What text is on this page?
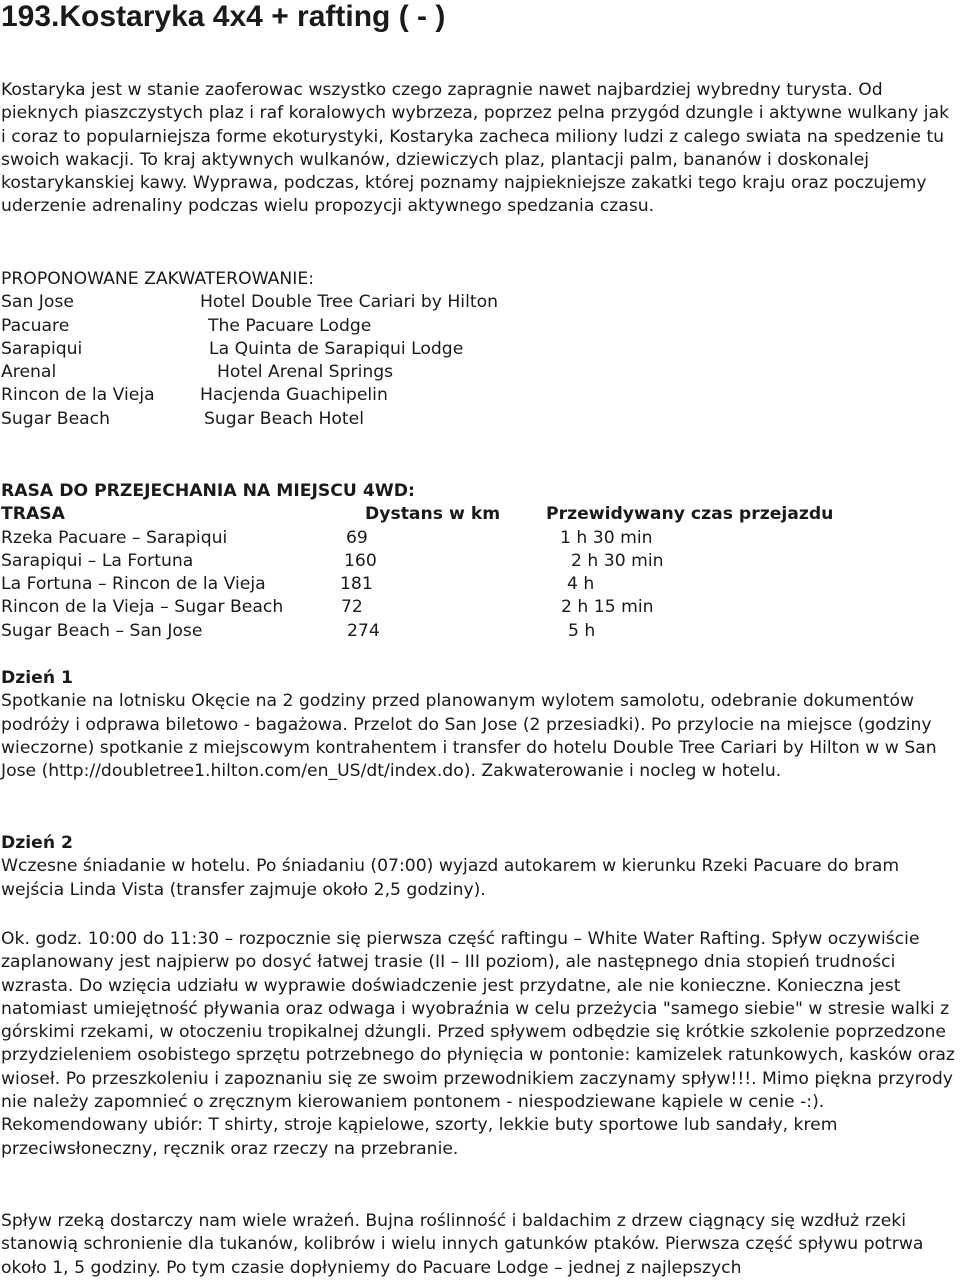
193.Kostaryka 4x4 + rafting ( - )

Kostaryka jest w stanie zaoferowac wszystko czego zapragnie nawet najbardziej wybredny turysta. Od pieknych piaszczystych plaz i raf koralowych wybrzeza, poprzez pelna przygód dzungle i aktywne wulkany jak i coraz to popularniejsza forme ekoturystyki, Kostaryka zacheca miliony ludzi z calego swiata na spedzenie tu swoich wakacji. To kraj aktywnych wulkanów, dziewiczych plaz, plantacji palm, bananów i doskonalej kostarykanskiej kawy. Wyprawa, podczas, której poznamy najpiekniejsze zakatki tego kraju oraz poczujemy uderzenie adrenaliny podczas wielu propozycji aktywnego spedzania czasu.

PROPONOWANE ZAKWATEROWANIE:
San Jose	Hotel Double Tree Cariari by Hilton
Pacuare	The Pacuare Lodge
Sarapiqui	La Quinta de Sarapiqui Lodge
Arenal	Hotel Arenal Springs
Rincon de la Vieja	Hacjenda Guachipelin
Sugar Beach	Sugar Beach Hotel
RASA DO PRZEJECHANIA NA MIEJSCU 4WD:
TRASA	Dystans w km	Przewidywany czas przejazdu
Rzeka Pacuare – Sarapiqui	69	1 h 30 min
Sarapiqui – La Fortuna	160	2 h 30 min
La Fortuna – Rincon de la Vieja	181	4 h
Rincon de la Vieja – Sugar Beach	72	2 h 15 min
Sugar Beach – San Jose	274	5 h

Dzień 1

Spotkanie na lotnisku Okęcie na 2 godziny przed planowanym wylotem samolotu, odebranie dokumentów podróży i odprawa biletowo - bagażowa. Przelot do San Jose (2 przesiadki). Po przylocie na miejsce (godziny wieczorne) spotkanie z miejscowym kontrahentem i transfer do hotelu Double Tree Cariari by Hilton w w San Jose (http://doubletree1.hilton.com/en_US/dt/index.do). Zakwaterowanie i nocleg w hotelu.

Dzień 2

Wczesne śniadanie w hotelu. Po śniadaniu (07:00) wyjazd autokarem w kierunku Rzeki Pacuare do bram wejścia Linda Vista (transfer zajmuje około 2,5 godziny).

Ok. godz. 10:00 do 11:30 – rozpocznie się pierwsza część raftingu – White Water Rafting. Spływ oczywiście zaplanowany jest najpierw po dosyć łatwej trasie (II – III poziom), ale następnego dnia stopień trudności wzrasta. Do wzięcia udziału w wyprawie doświadczenie jest przydatne, ale nie konieczne. Konieczna jest natomiast umiejętność pływania oraz odwaga i wyobraźnia w celu przeżycia "samego siebie" w stresie walki z górskimi rzekami, w otoczeniu tropikalnej dżungli. Przed spływem odbędzie się krótkie szkolenie poprzedzone przydzieleniem osobistego sprzętu potrzebnego do płynięcia w pontonie: kamizelek ratunkowych, kasków oraz wioseł. Po przeszkoleniu i zapoznaniu się ze swoim przewodnikiem zaczynamy spływ!!!. Mimo piękna przyrody nie należy zapomnieć o zręcznym kierowaniem pontonem - niespodziewane kąpiele w cenie -:). Rekomendowany ubiór: T shirty, stroje kąpielowe, szorty, lekkie buty sportowe lub sandały, krem przeciwsłoneczny, ręcznik oraz rzeczy na przebranie.

Spływ rzeką dostarczy nam wiele wrażeń. Bujna roślinność i baldachim z drzew ciągnący się wzdłuż rzeki stanowią schronienie dla tukanów, kolibrów i wielu innych gatunków ptaków. Pierwsza część spływu potrwa około 1, 5 godziny. Po tym czasie dopłyniemy do Pacuare Lodge – jednej z najlepszych
